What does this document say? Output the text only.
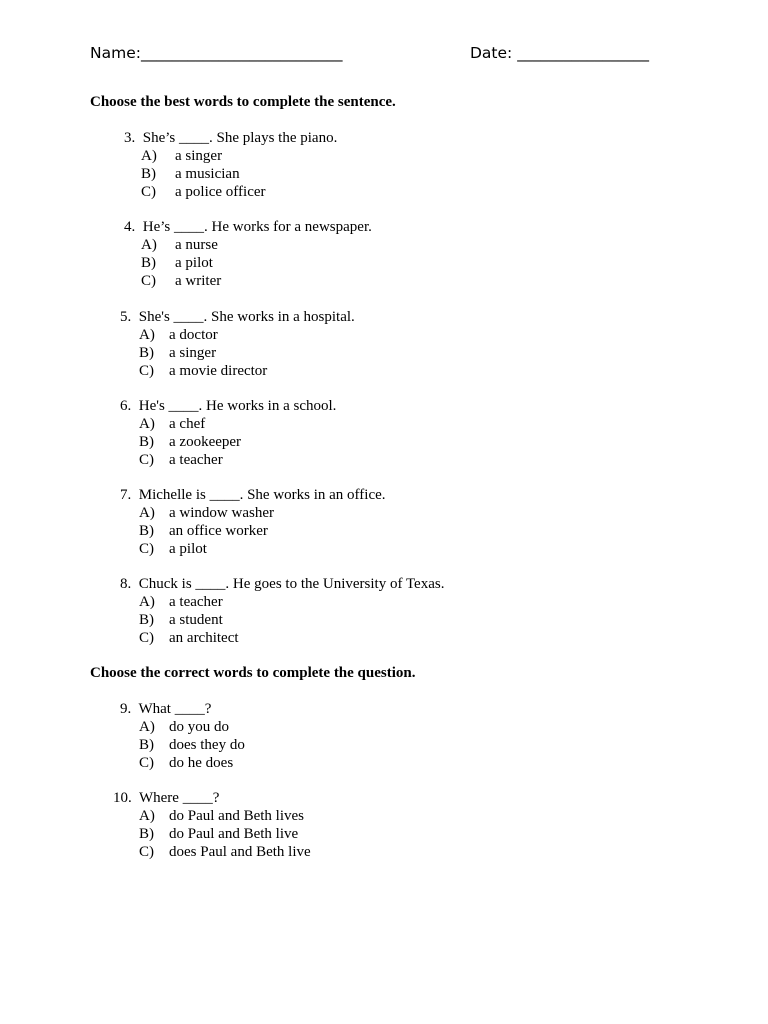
Name:__________________________	Date: _________________
Choose the best words to complete the sentence.
3. She’s ____. She plays the piano.
A) a singer
B) a musician
C) a police officer
4. He’s ____. He works for a newspaper.
A) a nurse
B) a pilot
C) a writer
5. She's ____. She works in a hospital.
A) a doctor
B) a singer
C) a movie director
6. He's ____. He works in a school.
A) a chef
B) a zookeeper
C) a teacher
7. Michelle is ____. She works in an office.
A) a window washer
B) an office worker
C) a pilot
8. Chuck is ____. He goes to the University of Texas.
A) a teacher
B) a student
C) an architect
Choose the correct words to complete the question.
9. What ____?
A) do you do
B) does they do
C) do he does
10. Where ____?
A) do Paul and Beth lives
B) do Paul and Beth live
C) does Paul and Beth live
